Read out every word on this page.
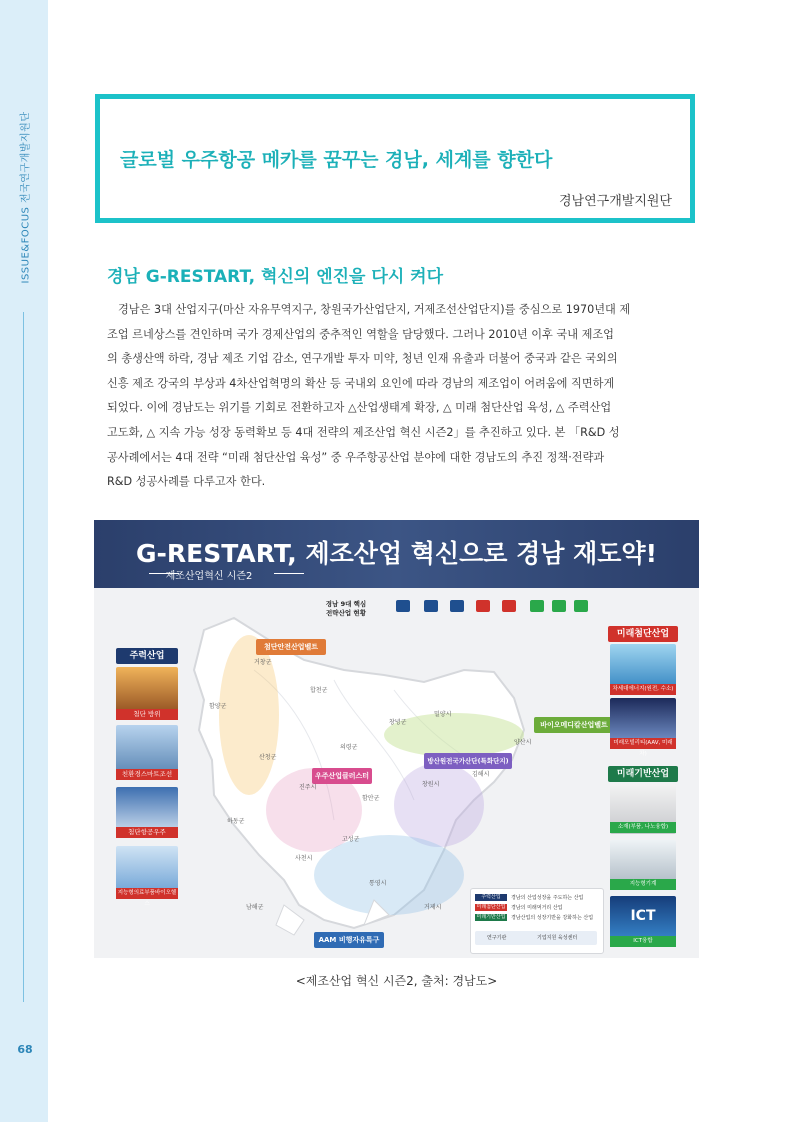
ISSUE&FOCUS 전국연구개발지원단
68
글로벌 우주항공 메카를 꿈꾸는 경남, 세계를 향한다
경남연구개발지원단
경남 G-RESTART, 혁신의 엔진을 다시 켜다
경남은 3대 산업지구(마산 자유무역지구, 창원국가산업단지, 거제조선산업단지)를 중심으로 1970년대 제
조업 르네상스를 견인하며 국가 경제산업의 중추적인 역할을 담당했다. 그러나 2010년 이후 국내 제조업
의 총생산액 하락, 경남 제조 기업 감소, 연구개발 투자 미약, 청년 인재 유출과 더불어 중국과 같은 국외의
신흥 제조 강국의 부상과 4차산업혁명의 확산 등 국내외 요인에 따라 경남의 제조업이 어려움에 직면하게
되었다. 이에 경남도는 위기를 기회로 전환하고자 △산업생태계 확장, △ 미래 첨단산업 육성, △ 주력산업
고도화, △ 지속 가능 성장 동력확보 등 4대 전략의 제조산업 혁신 시즌2」를 추진하고 있다. 본 「R&D 성
공사례에서는 4대 전략 “미래 첨단산업 육성” 중 우주항공산업 분야에 대한 경남도의 추진 정책·전략과
R&D 성공사례를 다루고자 한다.
G-RESTART, 제조산업 혁신으로 경남 재도약!
제조산업혁신 시즌2
첨단안전산업벨트
바이오메디칼산업벨트
우주산업클러스터
방산원전국가산단(특화단지)
AAM 비행자유특구
거창군
합천군
함양군
산청군
의령군
창녕군
밀양시
양산시
창원시
김해시
함안군
진주시
하동군
사천시
고성군
통영시
남해군	거제시
경남 9대 핵심 전략산업 현황
주력산업
첨단 방위
친환경스마트조선
첨단항공우주
지능형의료부품바이오헬스
미래첨단산업
차세대에너지(원전, 수소)
미래모빌리티(AAV, 미래차)
미래기반산업
소재(부품, 나노융합)
지능형기계
ICT
ICT융합
주력산업	경남의 산업성장을 주도하는 산업
미래첨단산업	경남의 미래먹거리 산업
미래기반산업	경남산업의 성장기반을 강화하는 산업
연구기관	기업지원 육성센터
<제조산업 혁신 시즌2, 출처: 경남도>
